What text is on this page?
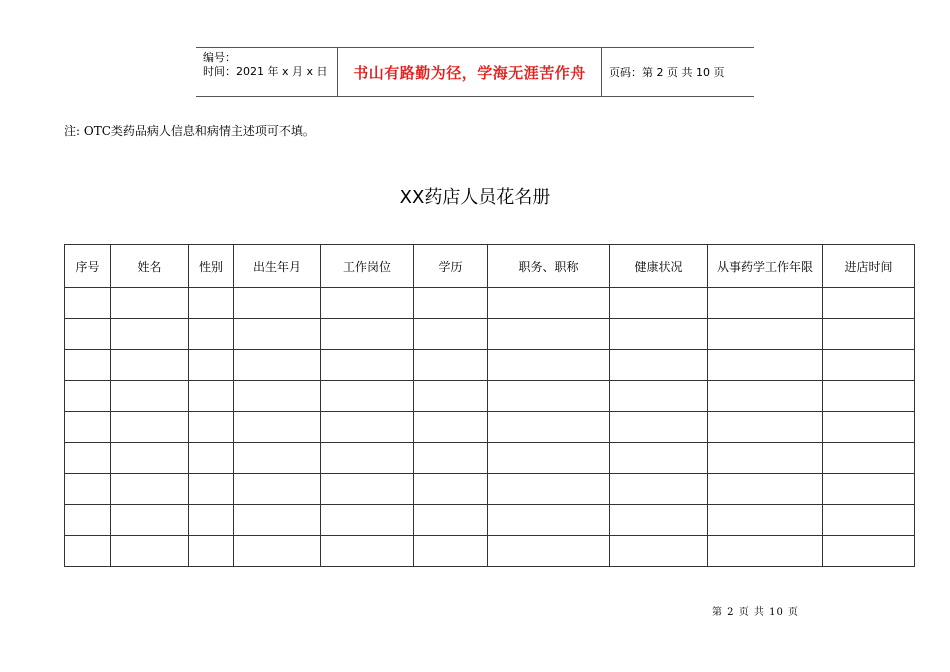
编号：
时间：2021 年 x 月 x 日	书山有路勤为径，学海无涯苦作舟	页码：第 2 页 共 10 页
注: OTC类药品病人信息和病情主述项可不填。
XX药店人员花名册
序号	姓名	性别	出生年月	工作岗位	学历	职务、职称	健康状况	从事药学工作年限	进店时间

第 2 页 共 10 页
